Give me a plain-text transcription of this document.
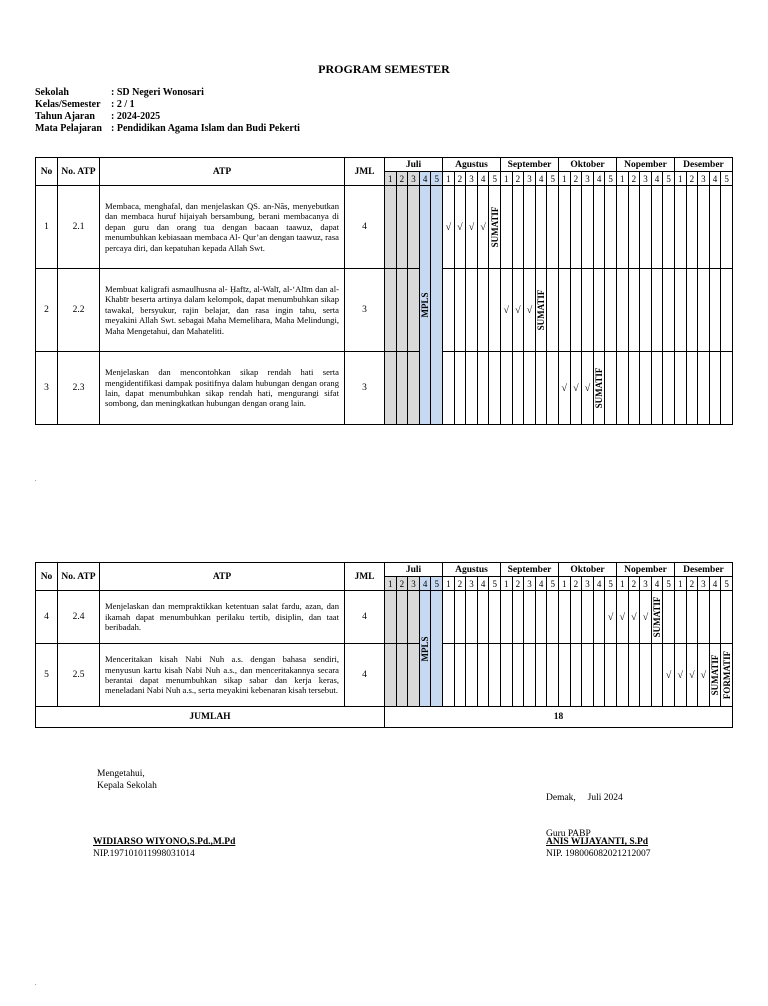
PROGRAM SEMESTER
Sekolah	: SD Negeri Wonosari
Kelas/Semester	: 2 / 1
Tahun Ajaran	: 2024-2025
Mata Pelajaran : Pendidikan Agama Islam dan Budi Pekerti
No	No. ATP	ATP	JML	Juli					Agustus					September					Oktober					Nopember					Desember				
				1	2	3	4	5	1	2	3	4	5	1	2	3	4	5	1	2	3	4	5	1	2	3	4	5	1	2	3	4	5
1	2.1	Membaca, menghafal, dan menjelaskan QS. an-Nās, menyebutkan dan membaca huruf hijaiyah bersambung, berani membacanya di depan guru dan orang tua dengan bacaan taawuz, dapat menumbuhkan kebiasaan membaca Al- Qur’an dengan taawuz, rasa percaya diri, dan kepatuhan kepada Allah Swt.	4				MPLS		√	√	√	√	SUMATIF																				

2	2.2	Membuat kaligrafi asmaulhusna al- Ḥafīz, al-Walī, al-‘Alīm dan al-Khabīr beserta artinya dalam kelompok, dapat menumbuhkan sikap tawakal, bersyukur, rajin belajar, dan rasa ingin tahu, serta meyakini Allah Swt. sebagai Maha Memelihara, Maha Melindungi, Maha Mengetahui, dan Mahateliti.	3											√	√	√	SUMATIF																

3	2.3	Menjelaskan dan mencontohkan sikap rendah hati serta mengidentifikasi dampak positifnya dalam hubungan dengan orang lain, dapat menumbuhkan sikap rendah hati, mengurangi sifat sombong, dan meningkatkan hubungan dengan orang lain.	3																√	√	√	SUMATIF											

.
No	No. ATP	ATP	JML	Juli					Agustus					September					Oktober					Nopember					Desember					
				1	2	3	4	5	1	2	3	4	5	1	2	3	4	5	1	2	3	4	5	1	2	3	4	5	1	2	3	4	5	
4	2.4	Menjelaskan dan mempraktikkan ketentuan salat fardu, azan, dan ikamah dapat menumbuhkan perilaku tertib, disiplin, dan taat beribadah.	4				MPLS																√	√	√	√	SUMATIF							

5	2.5	Menceritakan kisah Nabi Nuh a.s. dengan bahasa sendiri, menyusun kartu kisah Nabi Nuh a.s., dan menceritakannya secara berantai dapat menumbuhkan sikap sabar dan kerja keras, meneladani Nabi Nuh a.s., serta meyakini kebenaran kisah tersebut.	4																									√	√	√	√	SUMATIF	FORMATIF	

JUMLAH				18																														
Mengetahui,
Kepala Sekolah
WIDIARSO WIYONO,S.Pd.,M.Pd
NIP.197101011998031014

Demak,     Juli 2024

Guru PABP

ANIS WIJAYANTI, S.Pd
NIP. 198006082021212007
.
